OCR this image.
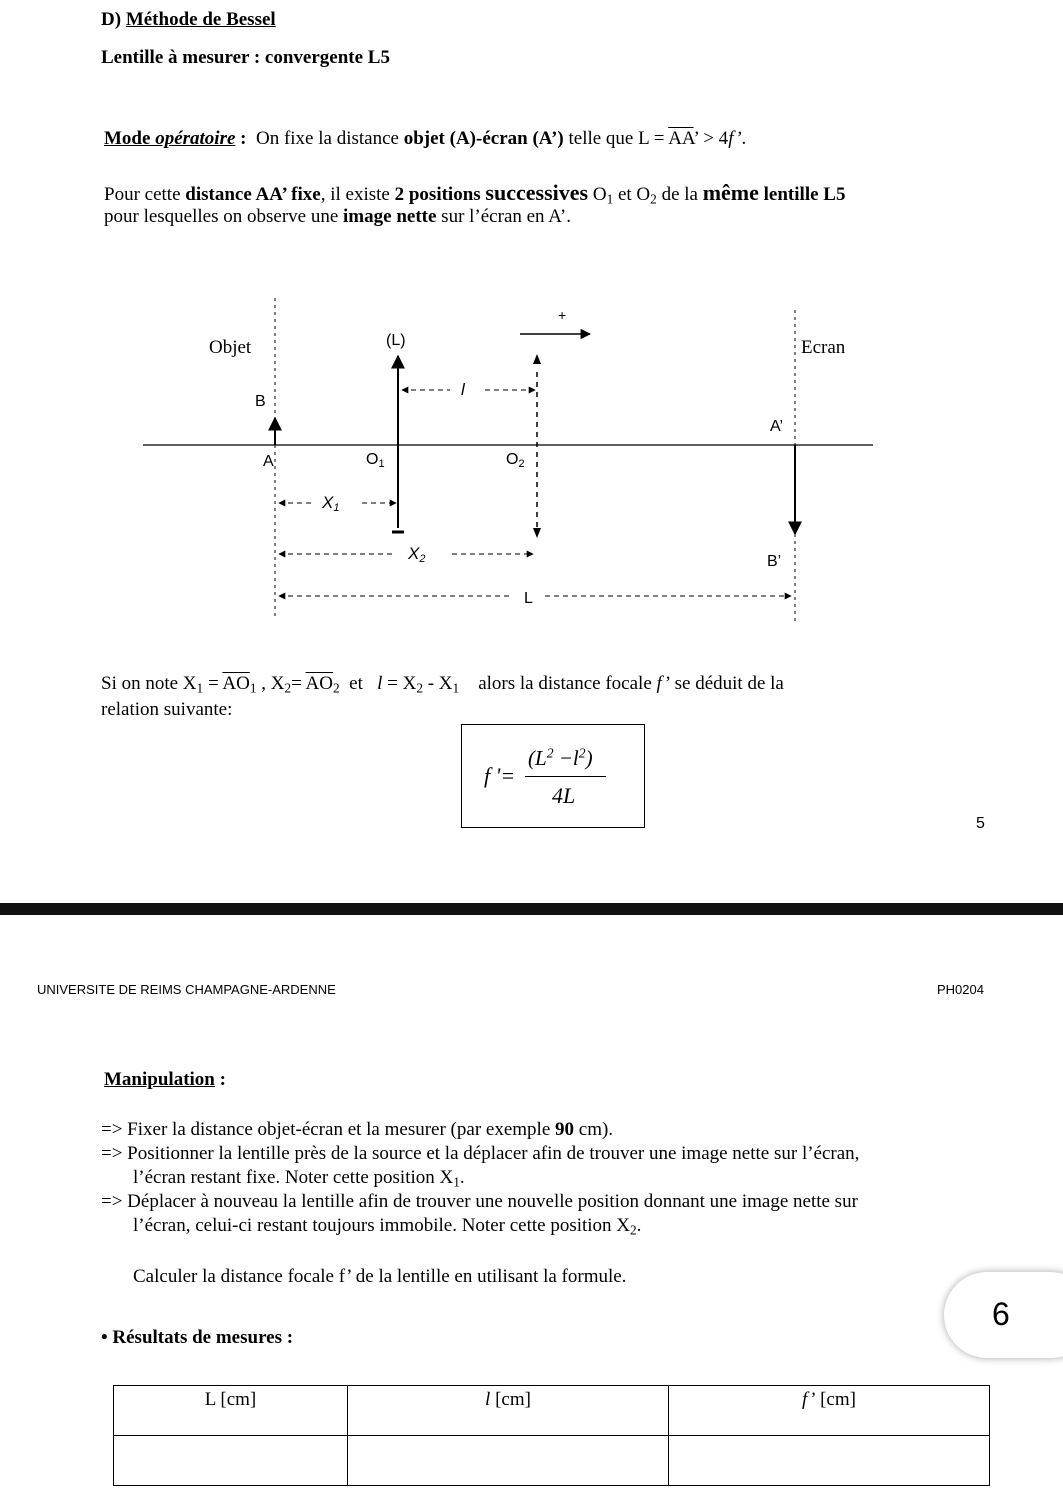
D) Méthode de Bessel
Lentille à mesurer : convergente L5
Mode opératoire : On fixe la distance objet (A)-écran (A’) telle que $L = \overline{AA}$’ > 4f’.
Pour cette distance AA’ fixe, il existe 2 positions successives $O_1$ et $O_2$ de la même lentille L5
pour lesquelles on observe une image nette sur l’écran en A’.
Objet	(L)	Ecran
+
B
A	O1	O2
A’
B’
l
X1
X2
L
Si on note $X_1 = \overline{AO}_1$ , $X_2= \overline{AO}_2$ et $l = X_2 - X_1$ alors la distance focale f’ se déduit de la
relation suivante:
f '=
$(L^2 -l^2)$
4L
5
UNIVERSITE DE REIMS CHAMPAGNE-ARDENNE	PH0204
Manipulation :
=> Fixer la distance objet-écran et la mesurer (par exemple 90 cm).
=> Positionner la lentille près de la source et la déplacer afin de trouver une image nette sur l’écran,
l’écran restant fixe. Noter cette position $X_1$.
=> Déplacer à nouveau la lentille afin de trouver une nouvelle position donnant une image nette sur
l’écran, celui-ci restant toujours immobile. Noter cette position $X_2$.
Calculer la distance focale f’ de la lentille en utilisant la formule.
6
• Résultats de mesures :
L [cm]	l [cm]	f’ [cm]
